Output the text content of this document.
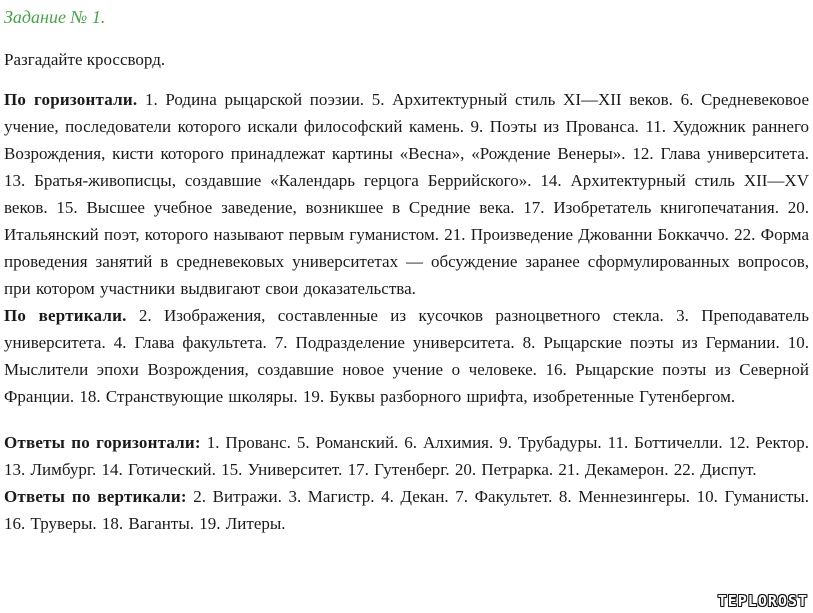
Задание № 1.

Разгадайте кроссворд.

По горизонтали. 1. Родина рыцарской поэзии. 5. Архитектурный стиль XI—XII веков. 6. Средневековое учение, последователи которого искали философский камень. 9. Поэты из Прованса. 11. Художник раннего Возрождения, кисти которого принадлежат картины «Весна», «Рождение Венеры». 12. Глава университета. 13. Братья-живописцы, создавшие «Календарь герцога Беррийского». 14. Архитектурный стиль XII—XV веков. 15. Высшее учебное заведение, возникшее в Средние века. 17. Изобретатель книгопечатания. 20. Итальянский поэт, которого называют первым гуманистом. 21. Произведение Джованни Боккаччо. 22. Форма проведения занятий в средневековых университетах — обсуждение заранее сформулированных вопросов, при котором участники выдвигают свои доказательства.

По вертикали. 2. Изображения, составленные из кусочков разноцветного стекла. 3. Преподаватель университета. 4. Глава факультета. 7. Подразделение университета. 8. Рыцарские поэты из Германии. 10. Мыслители эпохи Возрождения, создавшие новое учение о человеке. 16. Рыцарские поэты из Северной Франции. 18. Странствующие школяры. 19. Буквы разборного шрифта, изобретенные Гутенбергом.

Ответы по горизонтали: 1. Прованс. 5. Романский. 6. Алхимия. 9. Трубадуры. 11. Боттичелли. 12. Ректор. 13. Лимбург. 14. Готический. 15. Университет. 17. Гутенберг. 20. Петрарка. 21. Декамерон. 22. Диспут.

Ответы по вертикали: 2. Витражи. 3. Магистр. 4. Декан. 7. Факультет. 8. Меннезингеры. 10. Гуманисты. 16. Труверы. 18. Ваганты. 19. Литеры.

TEPLOROST
